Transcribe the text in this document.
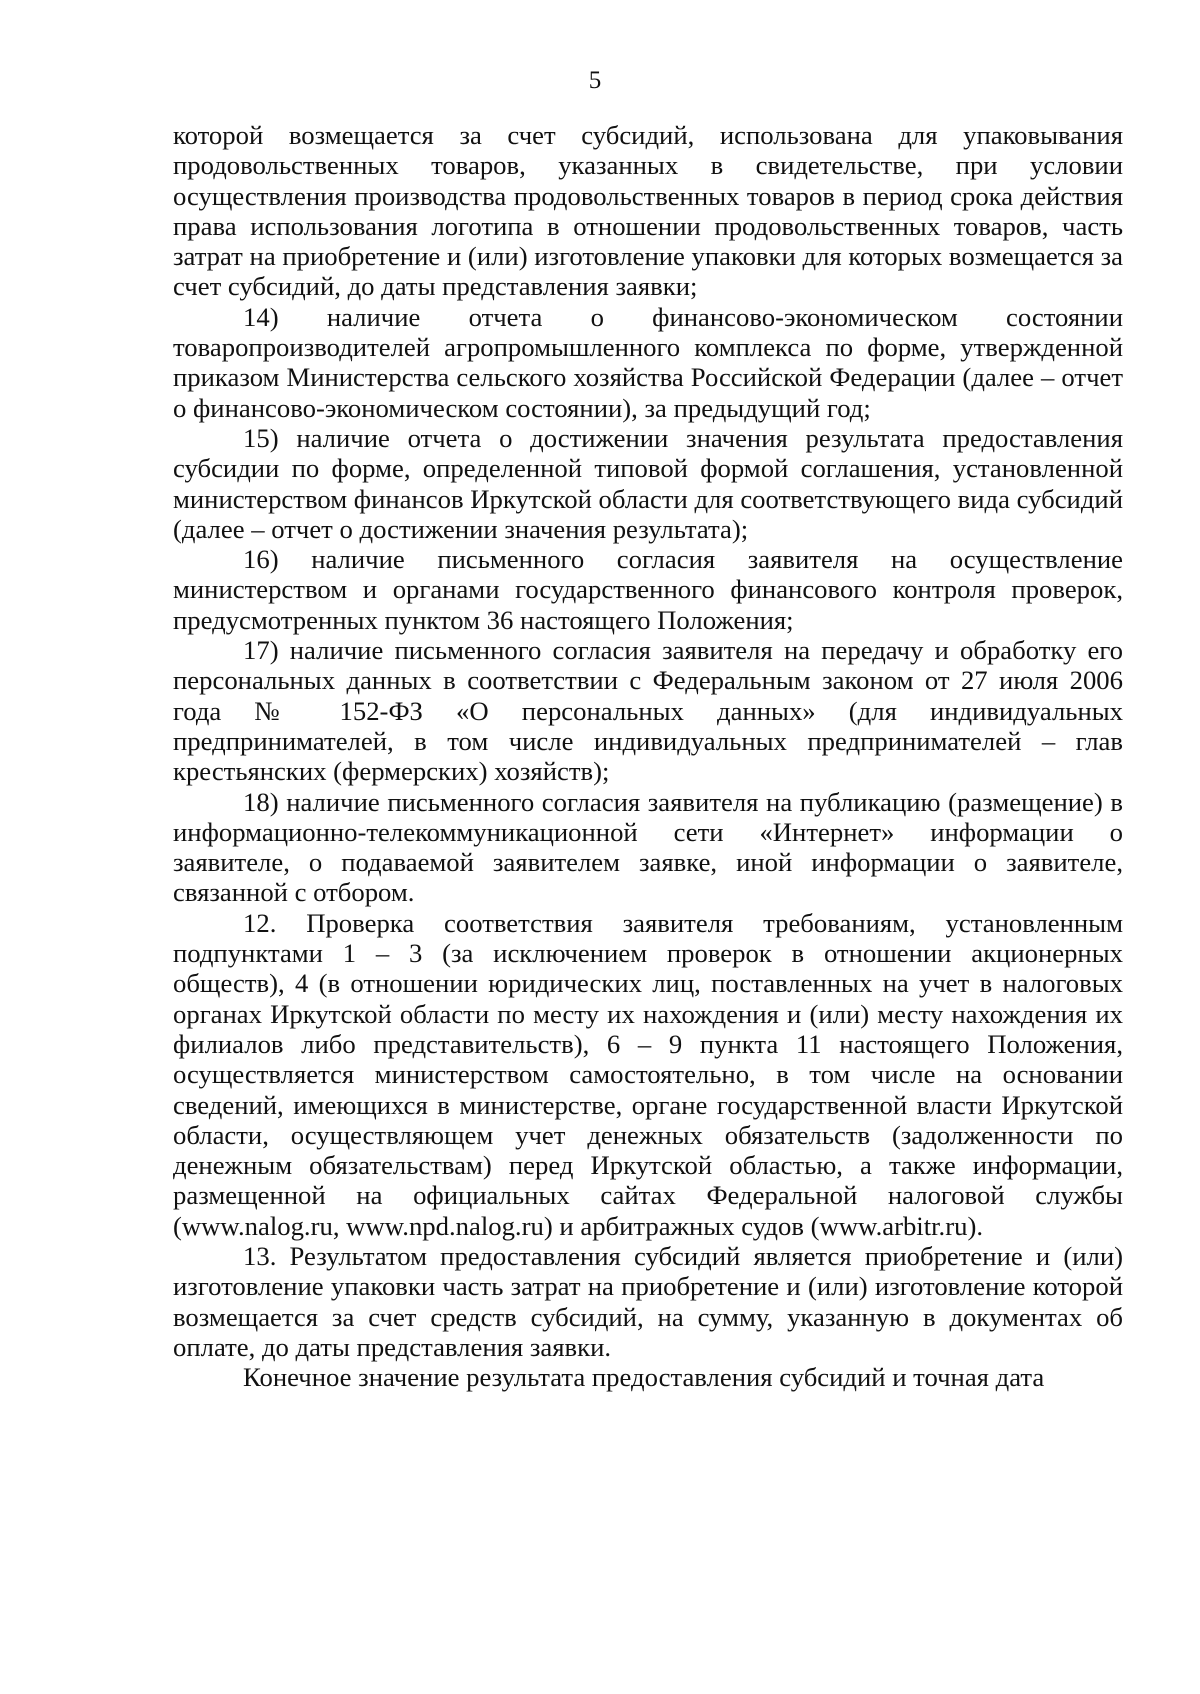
5

которой возмещается за счет субсидий, использована для упаковывания продовольственных товаров, указанных в свидетельстве, при условии осуществления производства продовольственных товаров в период срока действия права использования логотипа в отношении продовольственных товаров, часть затрат на приобретение и (или) изготовление упаковки для которых возмещается за счет субсидий, до даты представления заявки;

14) наличие отчета о финансово-экономическом состоянии товаропроизводителей агропромышленного комплекса по форме, утвержденной приказом Министерства сельского хозяйства Российской Федерации (далее – отчет о финансово-экономическом состоянии), за предыдущий год;

15) наличие отчета о достижении значения результата предоставления субсидии по форме, определенной типовой формой соглашения, установленной министерством финансов Иркутской области для соответствующего вида субсидий (далее – отчет о достижении значения результата);

16) наличие письменного согласия заявителя на осуществление министерством и органами государственного финансового контроля проверок, предусмотренных пунктом 36 настоящего Положения;

17) наличие письменного согласия заявителя на передачу и обработку его персональных данных в соответствии с Федеральным законом от 27 июля 2006 года № 152-ФЗ «О персональных данных» (для индивидуальных предпринимателей, в том числе индивидуальных предпринимателей – глав крестьянских (фермерских) хозяйств);

18) наличие письменного согласия заявителя на публикацию (размещение) в информационно-телекоммуникационной сети «Интернет» информации о заявителе, о подаваемой заявителем заявке, иной информации о заявителе, связанной с отбором.

12. Проверка соответствия заявителя требованиям, установленным подпунктами 1 – 3 (за исключением проверок в отношении акционерных обществ), 4 (в отношении юридических лиц, поставленных на учет в налоговых органах Иркутской области по месту их нахождения и (или) месту нахождения их филиалов либо представительств), 6 – 9 пункта 11 настоящего Положения, осуществляется министерством самостоятельно, в том числе на основании сведений, имеющихся в министерстве, органе государственной власти Иркутской области, осуществляющем учет денежных обязательств (задолженности по денежным обязательствам) перед Иркутской областью, а также информации, размещенной на официальных сайтах Федеральной налоговой службы (www.nalog.ru, www.npd.nalog.ru) и арбитражных судов (www.arbitr.ru).

13. Результатом предоставления субсидий является приобретение и (или) изготовление упаковки часть затрат на приобретение и (или) изготовление которой возмещается за счет средств субсидий, на сумму, указанную в документах об оплате, до даты представления заявки.

Конечное значение результата предоставления субсидий и точная дата
